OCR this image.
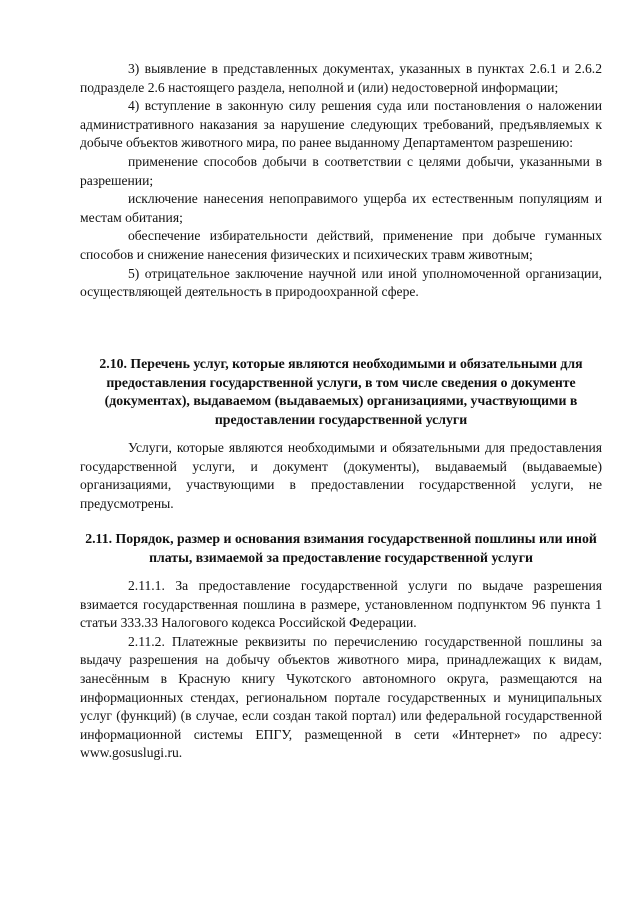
3) выявление в представленных документах, указанных в пунктах 2.6.1 и 2.6.2 подразделе 2.6 настоящего раздела, неполной и (или) недостоверной информации;

4) вступление в законную силу решения суда или постановления о наложении административного наказания за нарушение следующих требований, предъявляемых к добыче объектов животного мира, по ранее выданному Департаментом разрешению:

применение способов добычи в соответствии с целями добычи, указанными в разрешении;

исключение нанесения непоправимого ущерба их естественным популяциям и местам обитания;

обеспечение избирательности действий, применение при добыче гуманных способов и снижение нанесения физических и психических травм животным;

5) отрицательное заключение научной или иной уполномоченной организации, осуществляющей деятельность в природоохранной сфере.

2.10. Перечень услуг, которые являются необходимыми и обязательными для предоставления государственной услуги, в том числе сведения о документе (документах), выдаваемом (выдаваемых) организациями, участвующими в предоставлении государственной услуги

Услуги, которые являются необходимыми и обязательными для предоставления государственной услуги, и документ (документы), выдаваемый (выдаваемые) организациями, участвующими в предоставлении государственной услуги, не предусмотрены.

2.11. Порядок, размер и основания взимания государственной пошлины или иной платы, взимаемой за предоставление государственной услуги

2.11.1. За предоставление государственной услуги по выдаче разрешения взимается государственная пошлина в размере, установленном подпунктом 96 пункта 1 статьи 333.33 Налогового кодекса Российской Федерации.

2.11.2. Платежные реквизиты по перечислению государственной пошлины за выдачу разрешения на добычу объектов животного мира, принадлежащих к видам, занесённым в Красную книгу Чукотского автономного округа, размещаются на информационных стендах, региональном портале государственных и муниципальных услуг (функций) (в случае, если создан такой портал) или федеральной государственной информационной системы ЕПГУ, размещенной в сети «Интернет» по адресу: www.gosuslugi.ru.
